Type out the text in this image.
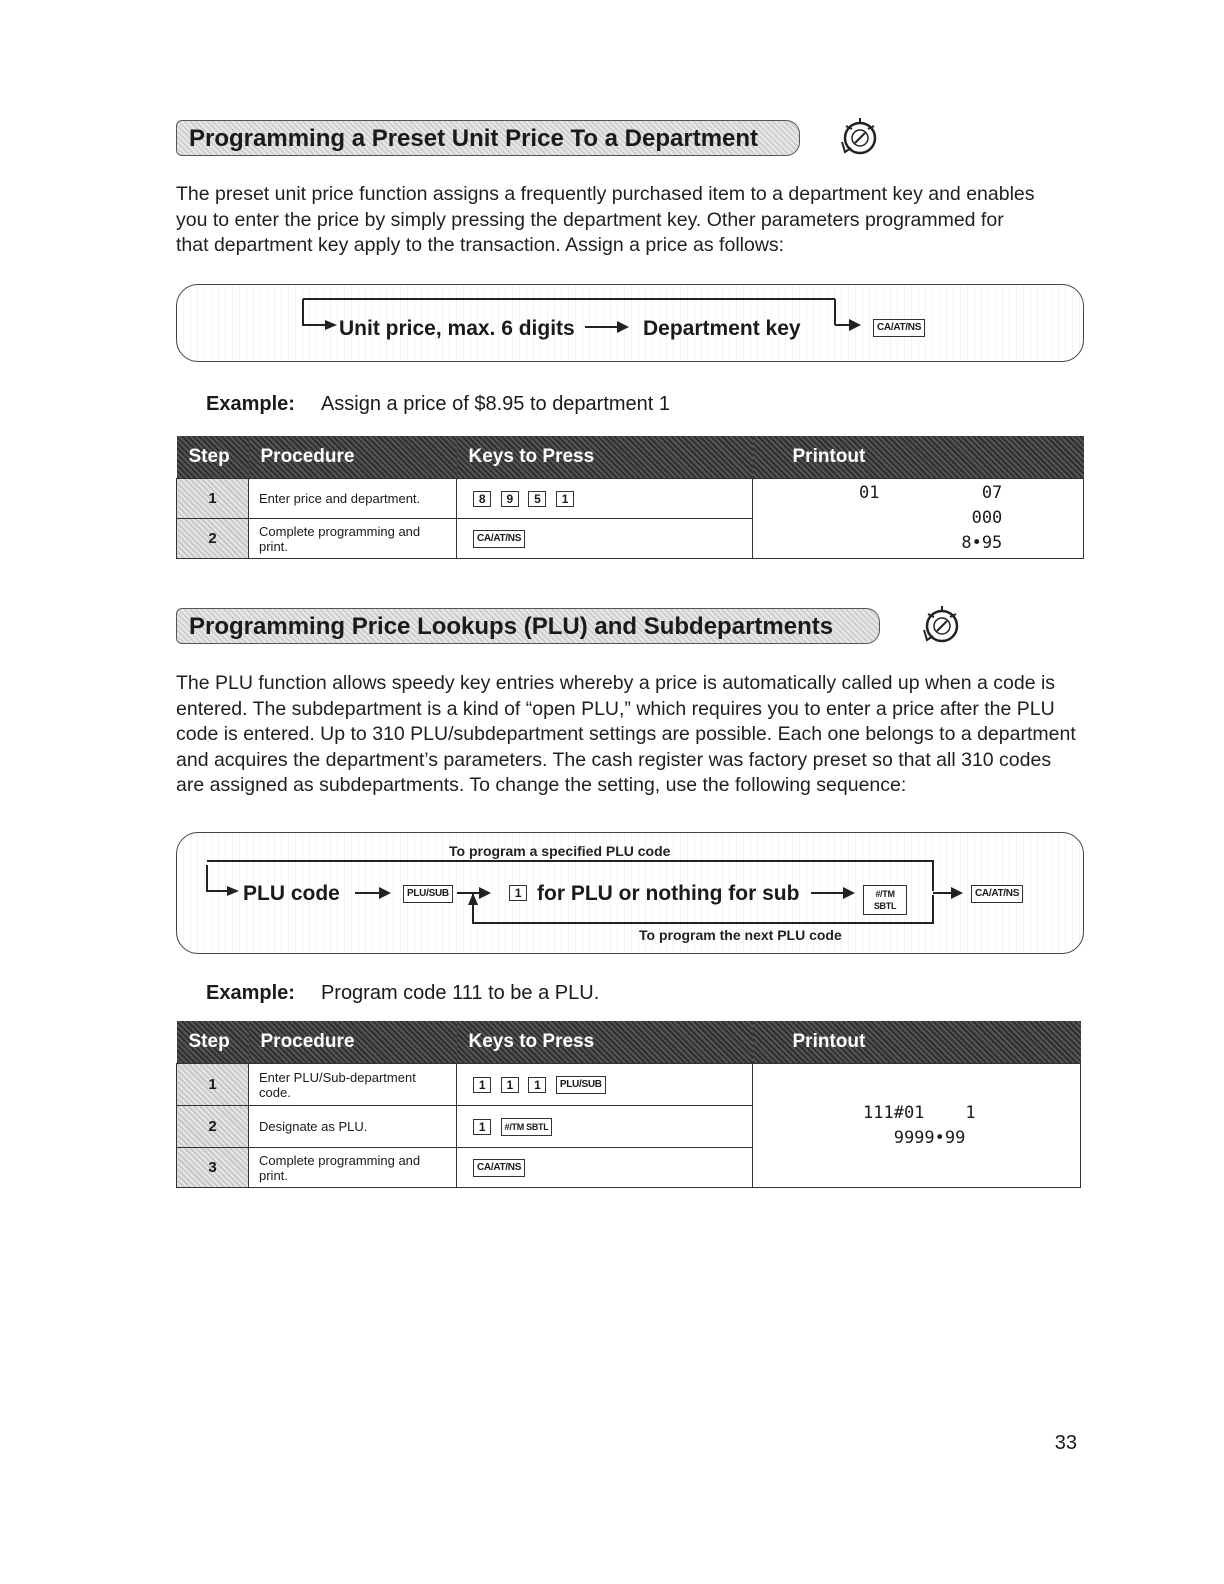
Programming a Preset Unit Price To a Department
The preset unit price function assigns a frequently purchased item to a department key and enables you to enter the price by simply pressing the department key. Other parameters programmed for that department key apply to the transaction. Assign a price as follows:
Unit price, max. 6 digits	Department key	CA/AT/NS
Example: Assign a price of $8.95 to department 1
Step	Procedure	Keys to Press	Printout
1	Enter price and department.	8 9 5 1	01          07
000
8•95

2	Complete programming and print.	CA/AT/NS	
Programming Price Lookups (PLU) and Subdepartments
The PLU function allows speedy key entries whereby a price is automatically called up when a code is entered. The subdepartment is a kind of “open PLU,” which requires you to enter a price after the PLU code is entered. Up to 310 PLU/subdepartment settings are possible. Each one belongs to a department and acquires the department’s parameters. The cash register was factory preset so that all 310 codes are assigned as subdepartments. To change the setting, use the following sequence:
To program a specified PLU code
PLU code	PLU/SUB	1 for PLU or nothing for sub	#/TM SBTL
CA/AT/NS
To program the next PLU code
Example: Program code 111 to be a PLU.
Step	Procedure	Keys to Press	Printout
1	Enter PLU/Sub-department code.	1 1 1 PLU/SUB	111#01    1
9999•99

2	Designate as PLU.	1 #/TM SBTL	
3	Complete programming and print.	CA/AT/NS	
33
